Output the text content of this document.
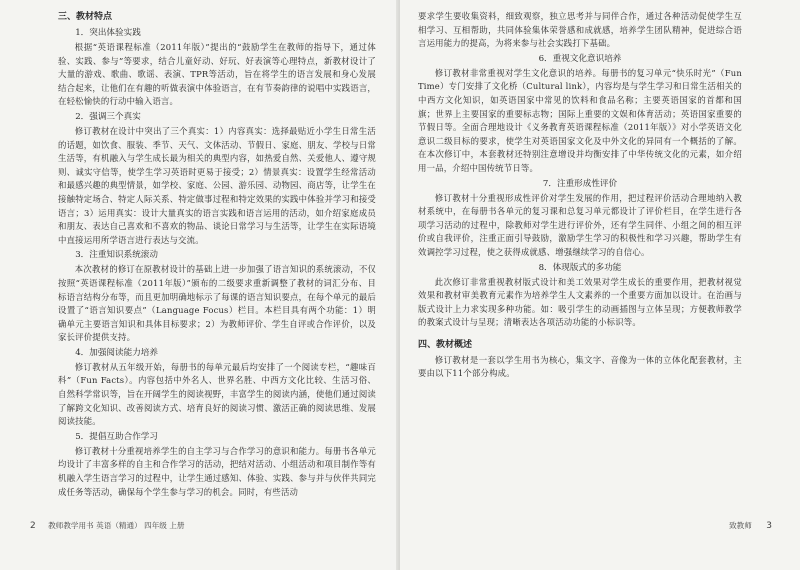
三、教材特点

1．突出体验实践

根据“英语课程标准（2011年版）”提出的“鼓励学生在教师的指导下，通过体验、实践、参与”等要求，结合儿童好动、好玩、好表演等心理特点，新教材设计了大量的游戏、歌曲、歌谣、表演、TPR等活动，旨在将学生的语言发展和身心发展结合起来，让他们在有趣的听做表演中体验语言，在有节奏韵律的说唱中实践语言，在轻松愉快的行动中输入语言。

2．强调三个真实

修订教材在设计中突出了三个真实：1）内容真实：选择最贴近小学生日常生活的话题，如饮食、服装、季节、天气、文体活动、节假日、家庭、朋友、学校与日常生活等，有机融入与学生成长最为相关的典型内容，如热爱自然、关爱他人、遵守规则、诚实守信等，使学生学习英语时更易于接受；2）情景真实：设置学生经常活动和最感兴趣的典型情景，如学校、家庭、公园、游乐园、动物园、商店等，让学生在接触特定场合、特定人际关系、特定做事过程和特定效果的实践中体验并学习和接受语言；3）运用真实：设计大量真实的语言实践和语言运用的活动，如介绍家庭成员和朋友、表达自己喜欢和不喜欢的物品、谈论日常学习与生活等，让学生在实际语境中直接运用所学语言进行表达与交流。

3．注重知识系统滚动

本次教材的修订在原教材设计的基础上进一步加强了语言知识的系统滚动，不仅按照“英语课程标准（2011年版）”颁布的二级要求重新调整了教材的词汇分布、目标语言结构分布等，而且更加明确地标示了每课的语言知识要点，在每个单元的最后设置了“语言知识要点”（Language Focus）栏目。本栏目具有两个功能：1）明确单元主要语言知识和具体目标要求；2）为教师评价、学生自评或合作评价，以及家长评价提供支持。

4．加强阅读能力培养

修订教材从五年级开始，每册书的每单元最后均安排了一个阅读专栏，“趣味百科”（Fun Facts）。内容包括中外名人、世界名胜、中西方文化比较、生活习俗、自然科学常识等，旨在开阔学生的阅读视野，丰富学生的阅读内涵，使他们通过阅读了解跨文化知识、改善阅读方式、培育良好的阅读习惯、激活正确的阅读思维、发展阅读技能。

5．提倡互助合作学习

修订教材十分重视培养学生的自主学习与合作学习的意识和能力。每册书各单元均设计了丰富多样的自主和合作学习的活动，把结对活动、小组活动和项目制作等有机融入学生语言学习的过程中，让学生通过感知、体验、实践、参与并与伙伴共同完成任务等活动，确保每个学生参与学习的机会。同时，有些活动

2 教师教学用书 英语（精通） 四年级 上册

要求学生要收集资料，细致观察，独立思考并与同伴合作，通过各种活动促使学生互相学习、互相帮助，共同体验集体荣誉感和成就感，培养学生团队精神，促进综合语言运用能力的提高，为将来参与社会实践打下基础。

6．重视文化意识培养

修订教材非常重视对学生文化意识的培养。每册书的复习单元“快乐时光”（Fun Time）专门安排了文化桥（Cultural link），内容均是与学生学习和日常生活相关的中西方文化知识，如英语国家中常见的饮料和食品名称；主要英语国家的首都和国旗；世界上主要国家的重要标志物；国际上重要的文娱和体育活动；英语国家重要的节假日等。全面合理地设计《义务教育英语课程标准（2011年版）》对小学英语文化意识二级目标的要求，使学生对英语国家文化及中外文化的异同有一个概括的了解。在本次修订中，本套教材还特别注意增设并均衡安排了中华传统文化的元素，如介绍用一品，介绍中国传统节日等。

7．注重形成性评价

修订教材十分重视形成性评价对学生发展的作用，把过程评价活动合理地纳入教材系统中，在每册书各单元的复习课和总复习单元都设计了评价栏目，在学生进行各项学习活动的过程中，除教师对学生进行评价外，还有学生同伴、小组之间的相互评价或自我评价，注重正面引导鼓励，激励学生学习的积极性和学习兴趣，帮助学生有效调控学习过程，使之获得成就感、增强继续学习的自信心。

8．体现版式的多功能

此次修订非常重视教材版式设计和美工效果对学生成长的重要作用，把教材视觉效果和教材审美教育元素作为培养学生人文素养的一个重要方面加以设计。在治画与版式设计上力求实现多种功能。如：吸引学生的动画插图与立体呈现；方便教师教学的教案式设计与呈现；清晰表达各项活动功能的小标识等。

四、教材概述

修订教材是一套以学生用书为核心，集文字、音像为一体的立体化配套教材，主要由以下11个部分构成。

致教师 3
